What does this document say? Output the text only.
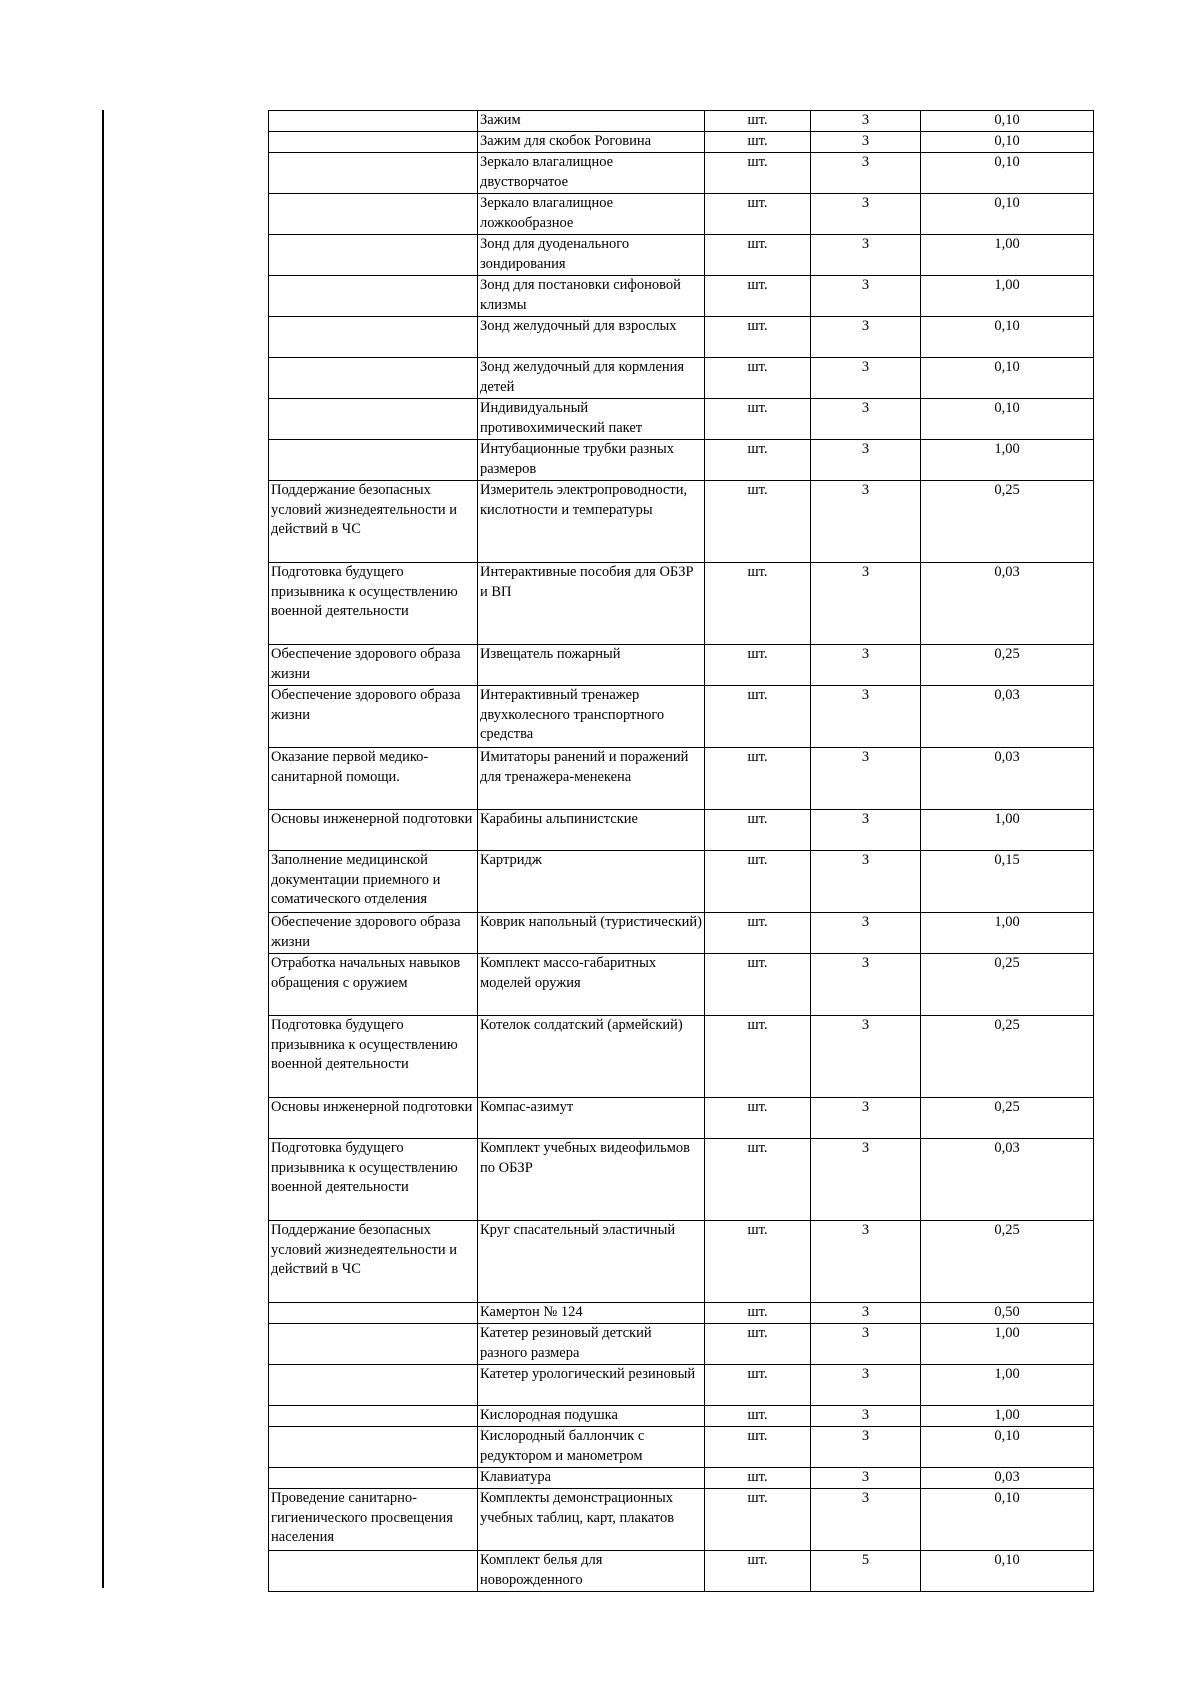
	Зажим	шт.	3	0,10
	Зажим для скобок Роговина	шт.	3	0,10
	Зеркало влагалищное двустворчатое	шт.	3	0,10
	Зеркало влагалищное ложкообразное	шт.	3	0,10
	Зонд для дуоденального зондирования	шт.	3	1,00
	Зонд для постановки сифоновой клизмы	шт.	3	1,00
	Зонд желудочный для взрослых	шт.	3	0,10
	Зонд желудочный для кормления детей	шт.	3	0,10
	Индивидуальный противохимический пакет	шт.	3	0,10
	Интубационные трубки разных размеров	шт.	3	1,00
Поддержание безопасных условий жизнедеятельности и действий в ЧС	Измеритель электропроводности, кислотности и температуры	шт.	3	0,25
Подготовка будущего призывника к осуществлению военной деятельности	Интерактивные пособия для ОБЗР и ВП	шт.	3	0,03
Обеспечение здорового образа жизни	Извещатель пожарный	шт.	3	0,25
Обеспечение здорового образа жизни	Интерактивный тренажер двухколесного транспортного средства	шт.	3	0,03
Оказание первой медико-санитарной помощи.	Имитаторы ранений и поражений для тренажера-менекена	шт.	3	0,03
Основы инженерной подготовки	Карабины альпинистские	шт.	3	1,00
Заполнение медицинской документации приемного и соматического отделения	Картридж	шт.	3	0,15
Обеспечение здорового образа жизни	Коврик напольный (туристический)	шт.	3	1,00
Отработка начальных навыков обращения с оружием	Комплект массо-габаритных моделей оружия	шт.	3	0,25
Подготовка будущего призывника к осуществлению военной деятельности	Котелок солдатский (армейский)	шт.	3	0,25
Основы инженерной подготовки	Компас-азимут	шт.	3	0,25
Подготовка будущего призывника к осуществлению военной деятельности	Комплект учебных видеофильмов по ОБЗР	шт.	3	0,03
Поддержание безопасных условий жизнедеятельности и действий в ЧС	Круг спасательный эластичный	шт.	3	0,25
	Камертон № 124	шт.	3	0,50
	Катетер резиновый детский разного размера	шт.	3	1,00
	Катетер урологический резиновый	шт.	3	1,00
	Кислородная подушка	шт.	3	1,00
	Кислородный баллончик с редуктором и манометром	шт.	3	0,10
	Клавиатура	шт.	3	0,03
Проведение санитарно-гигиенического просвещения населения	Комплекты демонстрационных учебных таблиц, карт, плакатов	шт.	3	0,10
	Комплект белья для новорожденного	шт.	5	0,10
